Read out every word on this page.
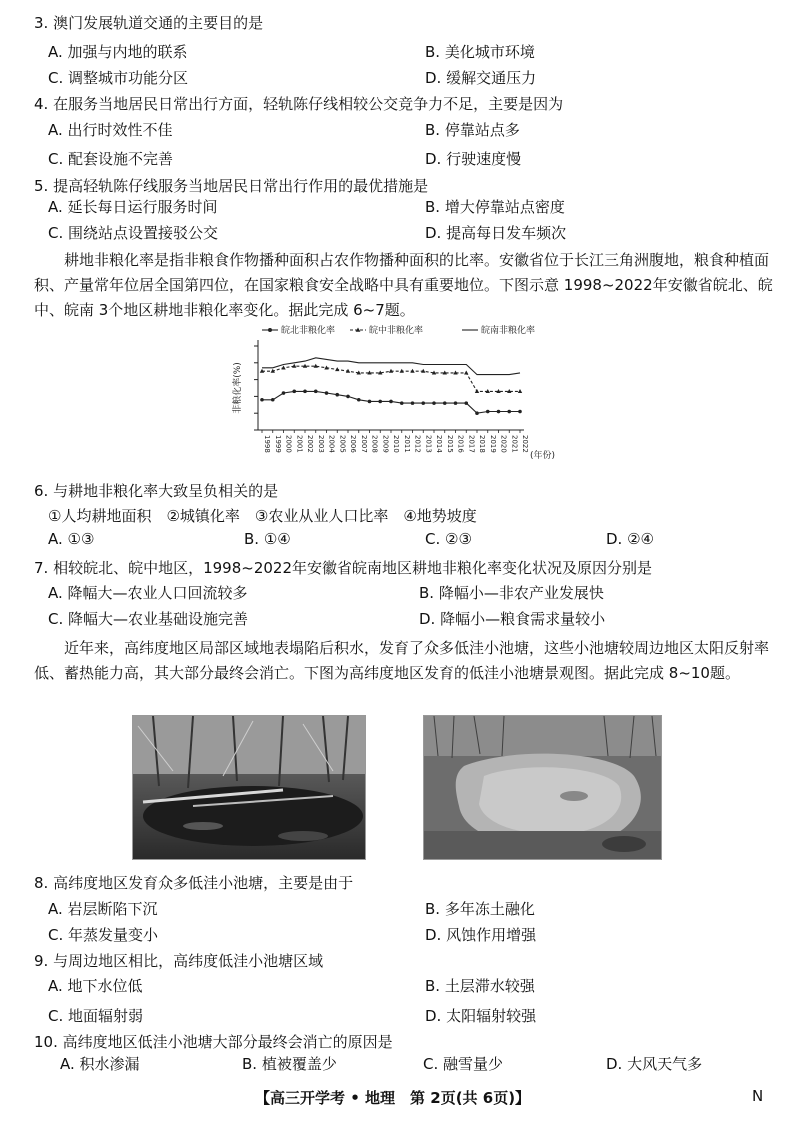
3. 澳门发展轨道交通的主要目的是
A. 加强与内地的联系	B. 美化城市环境
C. 调整城市功能分区	D. 缓解交通压力
4. 在服务当地居民日常出行方面，轻轨陈仔线相较公交竞争力不足，主要是因为
A. 出行时效性不佳	B. 停靠站点多
C. 配套设施不完善	D. 行驶速度慢
5. 提高轻轨陈仔线服务当地居民日常出行作用的最优措施是
A. 延长每日运行服务时间	B. 增大停靠站点密度
C. 围绕站点设置接驳公交	D. 提高每日发车频次
耕地非粮化率是指非粮食作物播种面积占农作物播种面积的比率。安徽省位于长江三角洲腹地，粮食种植面积、产量常年位居全国第四位，在国家粮食安全战略中具有重要地位。下图示意 1998~2022年安徽省皖北、皖中、皖南 3个地区耕地非粮化率变化。据此完成 6~7题。
皖北非粮化率	皖中非粮化率	皖南非粮化率
非粮化率(%)
1998 1999 2000 2001 2002 2003 2004 2005 2006 2007 2008 2009 2010 2011 2012 2013 2014 2015 2016 2017 2018 2019 2020 2021 2022
(年份)
6. 与耕地非粮化率大致呈负相关的是
①人均耕地面积　②城镇化率　③农业从业人口比率　④地势坡度
A. ①③	B. ①④	C. ②③	D. ②④
7. 相较皖北、皖中地区，1998~2022年安徽省皖南地区耕地非粮化率变化状况及原因分别是
A. 降幅大—农业人口回流较多	B. 降幅小—非农产业发展快
C. 降幅大—农业基础设施完善	D. 降幅小—粮食需求量较小
近年来，高纬度地区局部区域地表塌陷后积水，发育了众多低洼小池塘，这些小池塘较周边地区太阳反射率低、蓄热能力高，其大部分最终会消亡。下图为高纬度地区发育的低洼小池塘景观图。据此完成 8~10题。
8. 高纬度地区发育众多低洼小池塘，主要是由于
A. 岩层断陷下沉	B. 多年冻土融化
C. 年蒸发量变小	D. 风蚀作用增强
9. 与周边地区相比，高纬度低洼小池塘区域
A. 地下水位低	B. 土层滞水较强
C. 地面辐射弱	D. 太阳辐射较强
10. 高纬度地区低洼小池塘大部分最终会消亡的原因是
A. 积水渗漏	B. 植被覆盖少	C. 融雪量少	D. 大风天气多
【高三开学考 • 地理　第 2页(共 6页)】	N
